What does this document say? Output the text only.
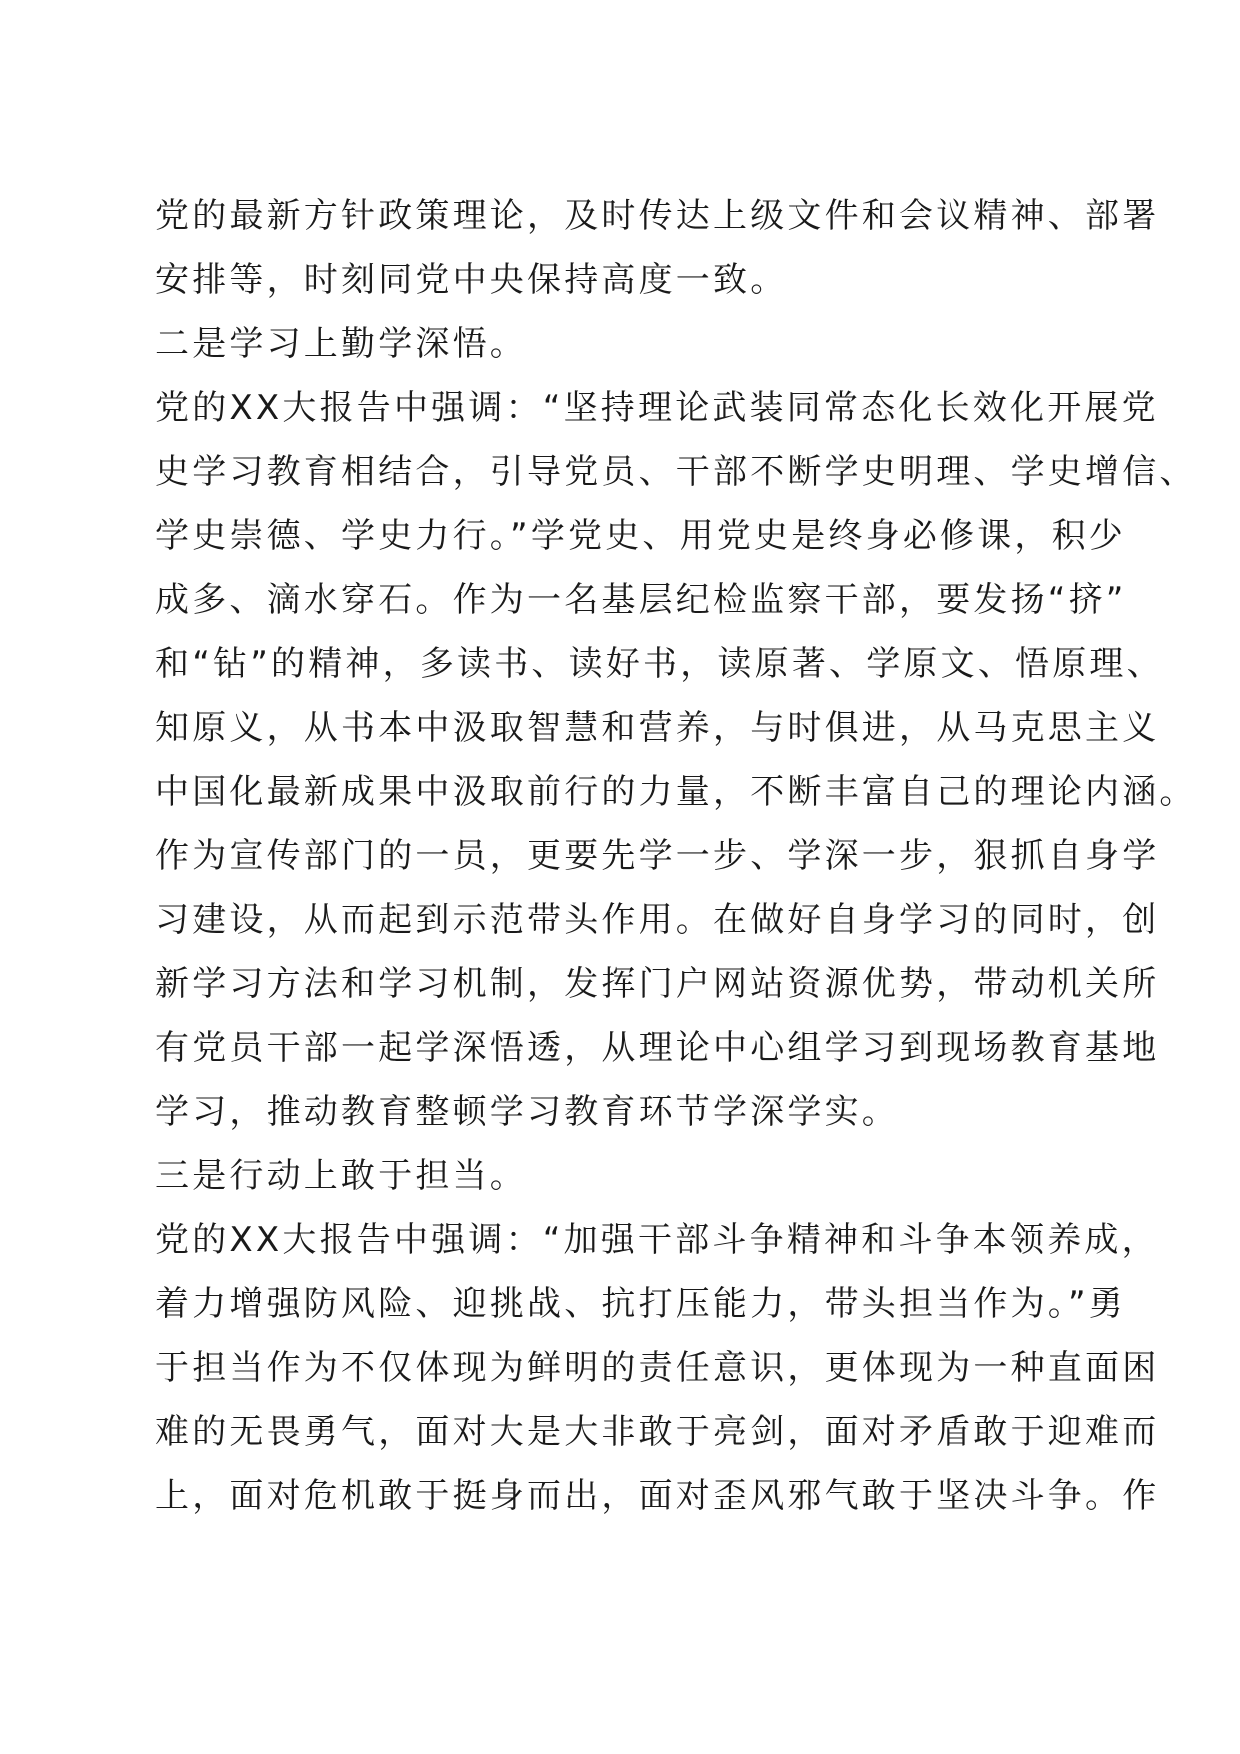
党的最新方针政策理论，及时传达上级文件和会议精神、部署
安排等，时刻同党中央保持高度一致。
二是学习上勤学深悟。
党的XX大报告中强调：“坚持理论武装同常态化长效化开展党
史学习教育相结合，引导党员、干部不断学史明理、学史增信、
学史崇德、学史力行。”学党史、用党史是终身必修课，积少
成多、滴水穿石。作为一名基层纪检监察干部，要发扬“挤”
和“钻”的精神，多读书、读好书，读原著、学原文、悟原理、
知原义，从书本中汲取智慧和营养，与时俱进，从马克思主义
中国化最新成果中汲取前行的力量，不断丰富自己的理论内涵。
作为宣传部门的一员，更要先学一步、学深一步，狠抓自身学
习建设，从而起到示范带头作用。在做好自身学习的同时，创
新学习方法和学习机制，发挥门户网站资源优势，带动机关所
有党员干部一起学深悟透，从理论中心组学习到现场教育基地
学习，推动教育整顿学习教育环节学深学实。
三是行动上敢于担当。
党的XX大报告中强调：“加强干部斗争精神和斗争本领养成，
着力增强防风险、迎挑战、抗打压能力，带头担当作为。”勇
于担当作为不仅体现为鲜明的责任意识，更体现为一种直面困
难的无畏勇气，面对大是大非敢于亮剑，面对矛盾敢于迎难而
上，面对危机敢于挺身而出，面对歪风邪气敢于坚决斗争。作
